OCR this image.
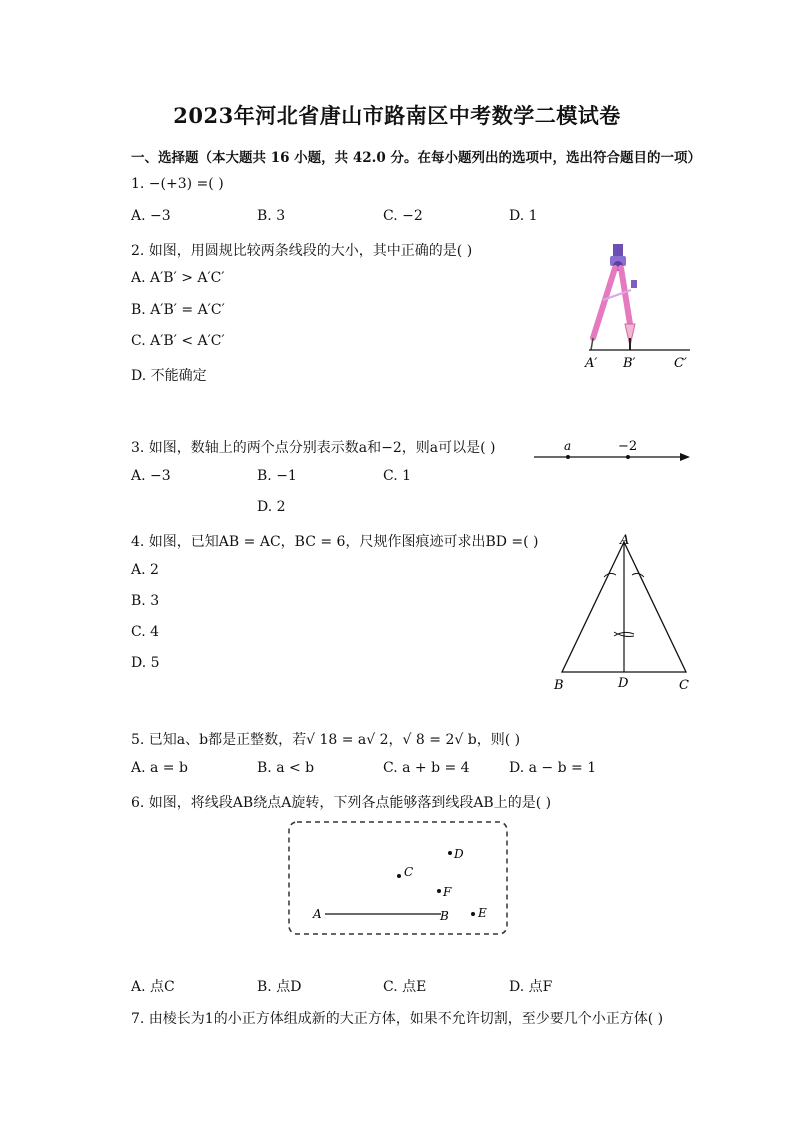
2023年河北省唐山市路南区中考数学二模试卷
一、选择题（本大题共 16 小题，共 42.0 分。在每小题列出的选项中，选出符合题目的一项）
1. −(+3) =( )
A. −3	B. 3	C. −2	D. 1
2. 如图，用圆规比较两条线段的大小，其中正确的是( )
A. A′B′ > A′C′
B. A′B′ = A′C′
C. A′B′ < A′C′
D. 不能确定
A′ B′	C′
3. 如图，数轴上的两个点分别表示数a和−2，则a可以是( )
A. −3	B. −1	C. 1
D. 2
a	−2
4. 如图，已知AB = AC，BC = 6，尺规作图痕迹可求出BD =( )
A. 2
B. 3
C. 4
D. 5
A
B	D	C
5. 已知a、b都是正整数，若√ 18 = a√ 2，√ 8 = 2√ b，则( )
A. a = b	B. a < b	C. a + b = 4	D. a − b = 1
6. 如图，将线段AB绕点A旋转，下列各点能够落到线段AB上的是( )
A	B
C
D
E
F
A. 点C	B. 点D	C. 点E	D. 点F
7. 由棱长为1的小正方体组成新的大正方体，如果不允许切割，至少要几个小正方体( )
